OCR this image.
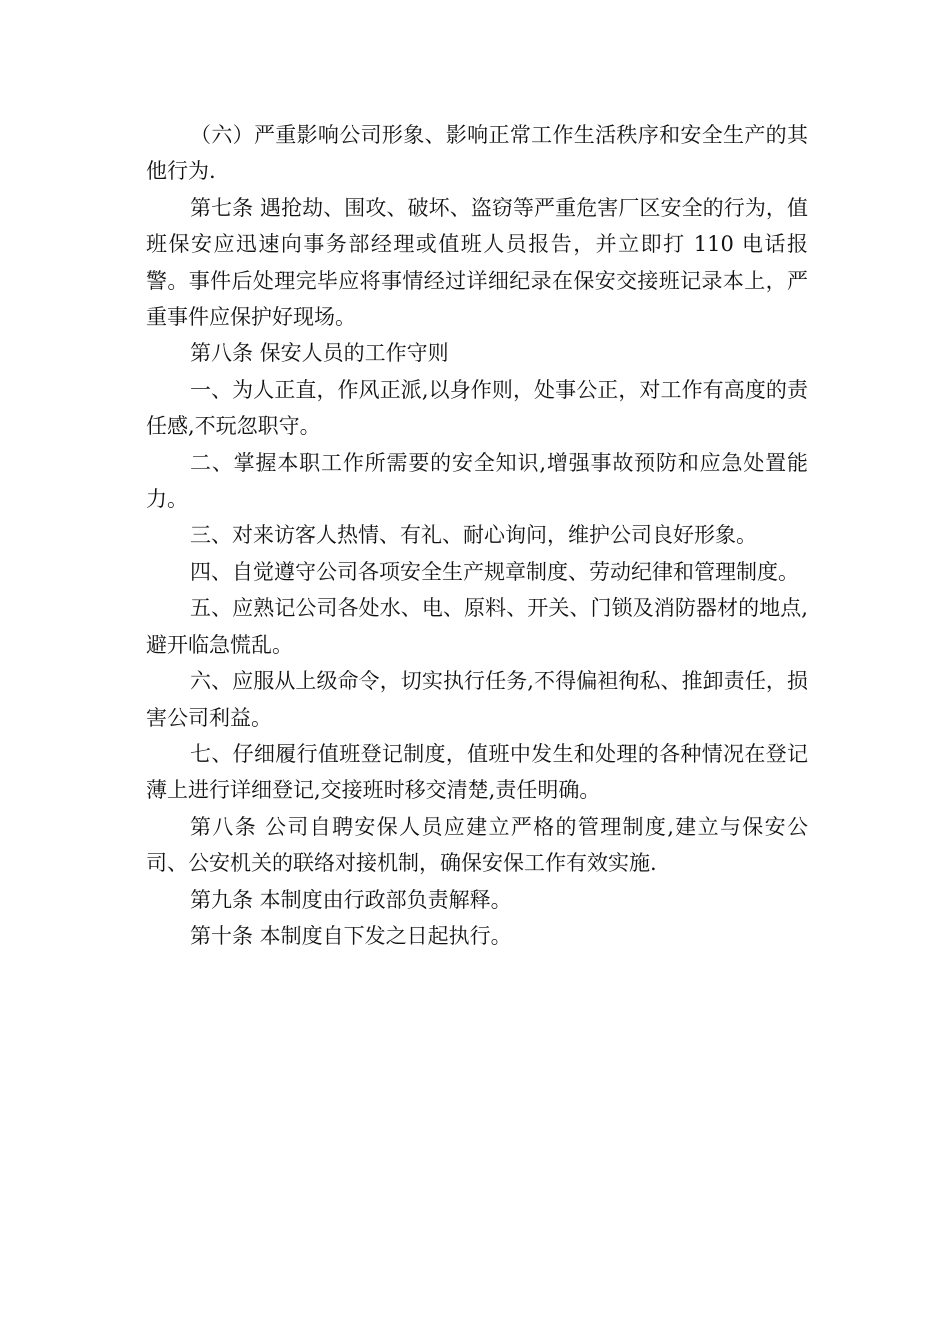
（六）严重影响公司形象、影响正常工作生活秩序和安全生产的其他行为.

第七条 遇抢劫、围攻、破坏、盗窃等严重危害厂区安全的行为，值班保安应迅速向事务部经理或值班人员报告，并立即打 110 电话报警。事件后处理完毕应将事情经过详细纪录在保安交接班记录本上，严重事件应保护好现场。

第八条 保安人员的工作守则

一、为人正直，作风正派,以身作则，处事公正，对工作有高度的责任感,不玩忽职守。

二、掌握本职工作所需要的安全知识,增强事故预防和应急处置能力。

三、对来访客人热情、有礼、耐心询问，维护公司良好形象。

四、自觉遵守公司各项安全生产规章制度、劳动纪律和管理制度。

五、应熟记公司各处水、电、原料、开关、门锁及消防器材的地点,避开临急慌乱。

六、应服从上级命令，切实执行任务,不得偏袒徇私、推卸责任，损害公司利益。

七、仔细履行值班登记制度，值班中发生和处理的各种情况在登记薄上进行详细登记,交接班时移交清楚,责任明确。

第八条 公司自聘安保人员应建立严格的管理制度,建立与保安公司、公安机关的联络对接机制，确保安保工作有效实施.

第九条 本制度由行政部负责解释。

第十条 本制度自下发之日起执行。
